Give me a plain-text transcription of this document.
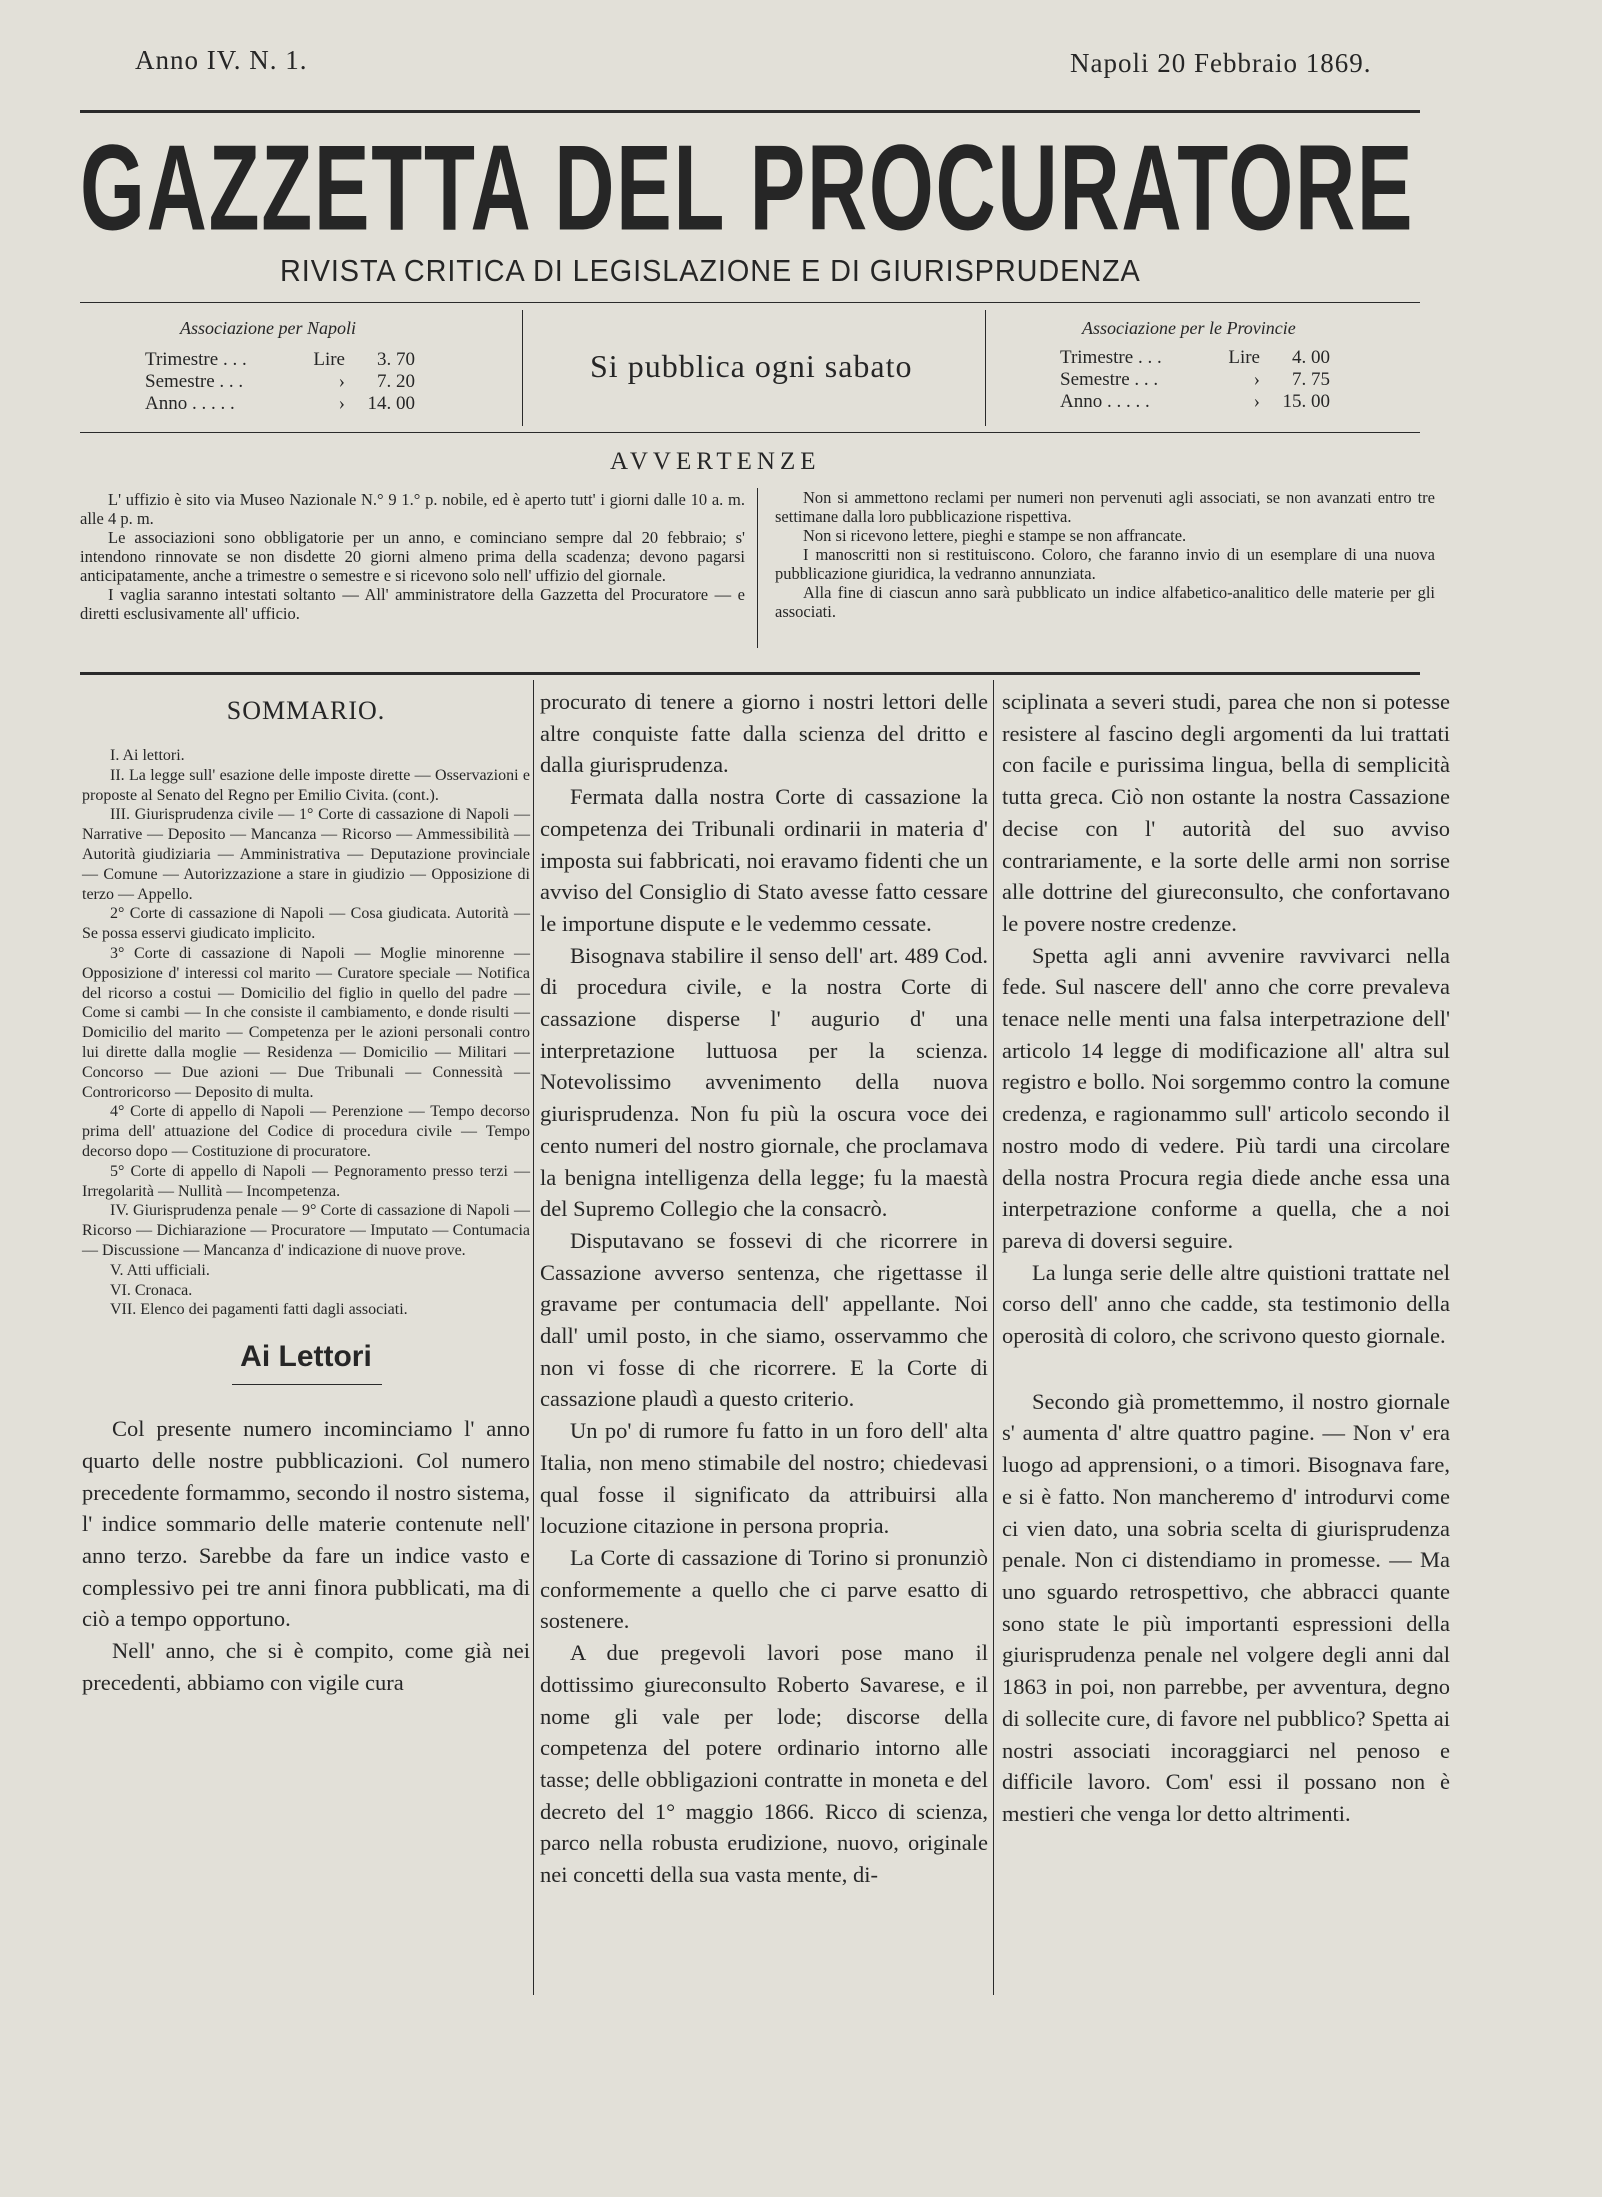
Anno IV. N. 1.	Napoli 20 Febbraio 1869.
GAZZETTA DEL PROCURATORE
RIVISTA CRITICA DI LEGISLAZIONE E DI GIURISPRUDENZA
Associazione per Napoli
Trimestre . . .	Lire	3. 70
Semestre . . .	›	7. 20
Anno . . . . .	›	14. 00
Si pubblica ogni sabato
Associazione per le Provincie
Trimestre . . .	Lire	4. 00
Semestre . . .	›	7. 75
Anno . . . . .	›	15. 00
AVVERTENZE

L' uffizio è sito via Museo Nazionale N.° 9 1.° p. nobile, ed è aperto tutt' i giorni dalle 10 a. m. alle 4 p. m.

Le associazioni sono obbligatorie per un anno, e cominciano sempre dal 20 febbraio; s' intendono rinnovate se non disdette 20 giorni almeno prima della scadenza; devono pagarsi anticipatamente, anche a trimestre o semestre e si ricevono solo nell' uffizio del giornale.

I vaglia saranno intestati soltanto — All' amministratore della Gazzetta del Procuratore — e diretti esclusivamente all' ufficio.

Non si ammettono reclami per numeri non pervenuti agli associati, se non avanzati entro tre settimane dalla loro pubblicazione rispettiva.

Non si ricevono lettere, pieghi e stampe se non affrancate.

I manoscritti non si restituiscono. Coloro, che faranno invio di un esemplare di una nuova pubblicazione giuridica, la vedranno annunziata.

Alla fine di ciascun anno sarà pubblicato un indice alfabetico-analitico delle materie per gli associati.

SOMMARIO.

I. Ai lettori.

II. La legge sull' esazione delle imposte dirette — Osservazioni e proposte al Senato del Regno per Emilio Civita. (cont.).

III. Giurisprudenza civile — 1° Corte di cassazione di Napoli — Narrative — Deposito — Mancanza — Ricorso — Ammessibilità — Autorità giudiziaria — Amministrativa — Deputazione provinciale — Comune — Autorizzazione a stare in giudizio — Opposizione di terzo — Appello.

2° Corte di cassazione di Napoli — Cosa giudicata. Autorità — Se possa esservi giudicato implicito.

3° Corte di cassazione di Napoli — Moglie minorenne — Opposizione d' interessi col marito — Curatore speciale — Notifica del ricorso a costui — Domicilio del figlio in quello del padre — Come si cambi — In che consiste il cambiamento, e donde risulti — Domicilio del marito — Competenza per le azioni personali contro lui dirette dalla moglie — Residenza — Domicilio — Militari — Concorso — Due azioni — Due Tribunali — Connessità — Controricorso — Deposito di multa.

4° Corte di appello di Napoli — Perenzione — Tempo decorso prima dell' attuazione del Codice di procedura civile — Tempo decorso dopo — Costituzione di procuratore.

5° Corte di appello di Napoli — Pegnoramento presso terzi — Irregolarità — Nullità — Incompetenza.

IV. Giurisprudenza penale — 9° Corte di cassazione di Napoli — Ricorso — Dichiarazione — Procuratore — Imputato — Contumacia — Discussione — Mancanza d' indicazione di nuove prove.

V. Atti ufficiali.

VI. Cronaca.

VII. Elenco dei pagamenti fatti dagli associati.

Ai Lettori

Col presente numero incominciamo l' anno quarto delle nostre pubblicazioni. Col numero precedente formammo, secondo il nostro sistema, l' indice sommario delle materie contenute nell' anno terzo. Sarebbe da fare un indice vasto e complessivo pei tre anni finora pubblicati, ma di ciò a tempo opportuno.

Nell' anno, che si è compito, come già nei precedenti, abbiamo con vigile cura

procurato di tenere a giorno i nostri lettori delle altre conquiste fatte dalla scienza del dritto e dalla giurisprudenza.

Fermata dalla nostra Corte di cassazione la competenza dei Tribunali ordinarii in materia d' imposta sui fabbricati, noi eravamo fidenti che un avviso del Consiglio di Stato avesse fatto cessare le importune dispute e le vedemmo cessate.

Bisognava stabilire il senso dell' art. 489 Cod. di procedura civile, e la nostra Corte di cassazione disperse l' augurio d' una interpretazione luttuosa per la scienza. Notevolissimo avvenimento della nuova giurisprudenza. Non fu più la oscura voce dei cento numeri del nostro giornale, che proclamava la benigna intelligenza della legge; fu la maestà del Supremo Collegio che la consacrò.

Disputavano se fossevi di che ricorrere in Cassazione avverso sentenza, che rigettasse il gravame per contumacia dell' appellante. Noi dall' umil posto, in che siamo, osservammo che non vi fosse di che ricorrere. E la Corte di cassazione plaudì a questo criterio.

Un po' di rumore fu fatto in un foro dell' alta Italia, non meno stimabile del nostro; chiedevasi qual fosse il significato da attribuirsi alla locuzione citazione in persona propria.

La Corte di cassazione di Torino si pronunziò conformemente a quello che ci parve esatto di sostenere.

A due pregevoli lavori pose mano il dottissimo giureconsulto Roberto Savarese, e il nome gli vale per lode; discorse della competenza del potere ordinario intorno alle tasse; delle obbligazioni contratte in moneta e del decreto del 1° maggio 1866. Ricco di scienza, parco nella robusta erudizione, nuovo, originale nei concetti della sua vasta mente, di-

sciplinata a severi studi, parea che non si potesse resistere al fascino degli argomenti da lui trattati con facile e purissima lingua, bella di semplicità tutta greca. Ciò non ostante la nostra Cassazione decise con l' autorità del suo avviso contrariamente, e la sorte delle armi non sorrise alle dottrine del giureconsulto, che confortavano le povere nostre credenze.

Spetta agli anni avvenire ravvivarci nella fede. Sul nascere dell' anno che corre prevaleva tenace nelle menti una falsa interpetrazione dell' articolo 14 legge di modificazione all' altra sul registro e bollo. Noi sorgemmo contro la comune credenza, e ragionammo sull' articolo secondo il nostro modo di vedere. Più tardi una circolare della nostra Procura regia diede anche essa una interpetrazione conforme a quella, che a noi pareva di doversi seguire.

La lunga serie delle altre quistioni trattate nel corso dell' anno che cadde, sta testimonio della operosità di coloro, che scrivono questo giornale.

Secondo già promettemmo, il nostro giornale s' aumenta d' altre quattro pagine. — Non v' era luogo ad apprensioni, o a timori. Bisognava fare, e si è fatto. Non mancheremo d' introdurvi come ci vien dato, una sobria scelta di giurisprudenza penale. Non ci distendiamo in promesse. — Ma uno sguardo retrospettivo, che abbracci quante sono state le più importanti espressioni della giurisprudenza penale nel volgere degli anni dal 1863 in poi, non parrebbe, per avventura, degno di sollecite cure, di favore nel pubblico? Spetta ai nostri associati incoraggiarci nel penoso e difficile lavoro. Com' essi il possano non è mestieri che venga lor detto altrimenti.
